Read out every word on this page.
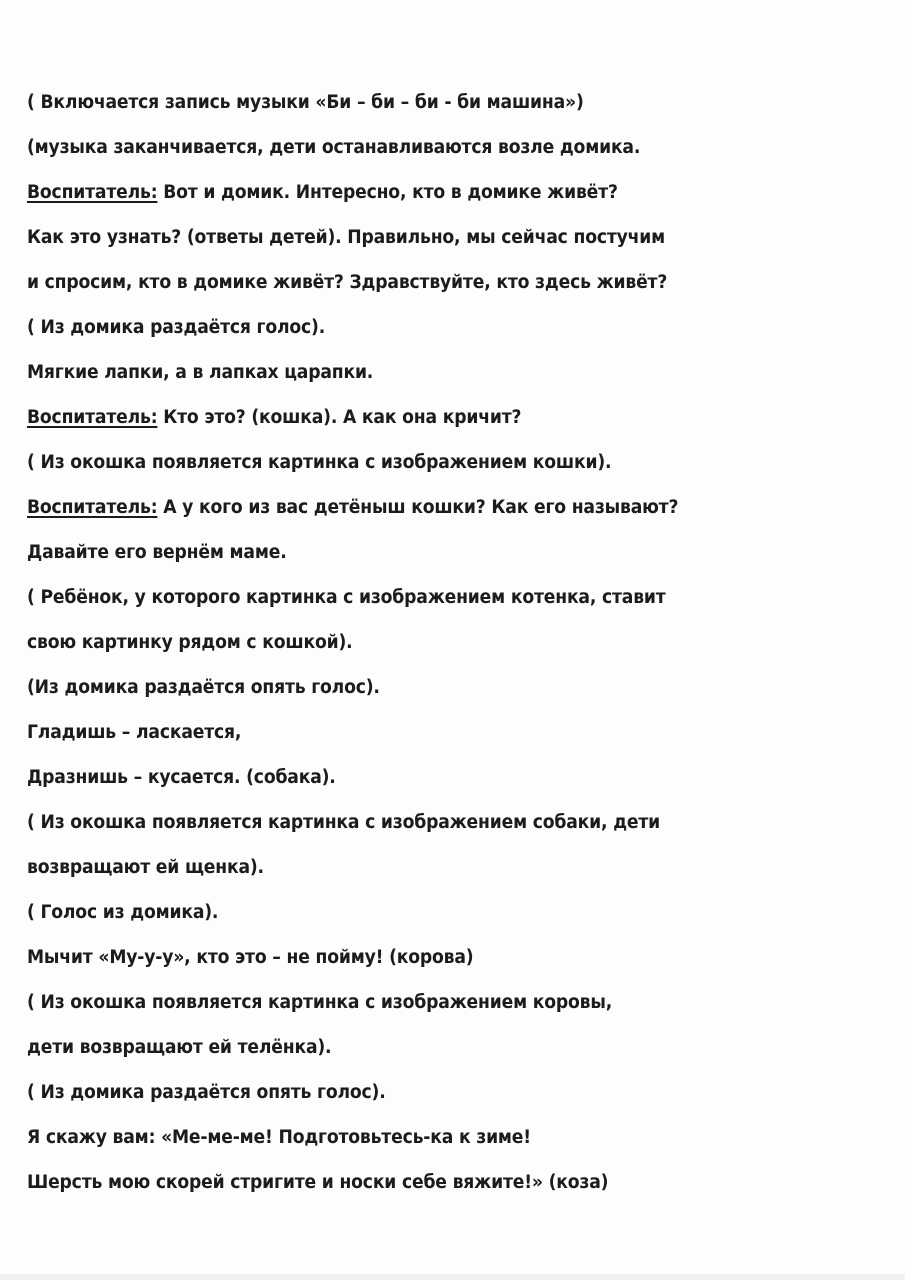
( Включается запись музыки «Би – би – би - би машина»)
(музыка заканчивается, дети останавливаются возле домика.
Воспитатель: Вот и домик. Интересно, кто в домике живёт?
Как это узнать? (ответы детей). Правильно, мы сейчас постучим
и спросим, кто в домике живёт? Здравствуйте, кто здесь живёт?
( Из домика раздаётся голос).
Мягкие лапки, а в лапках царапки.
Воспитатель: Кто это? (кошка). А как она кричит?
( Из окошка появляется картинка с изображением кошки).
Воспитатель: А у кого из вас детёныш кошки? Как его называют?
Давайте его вернём маме.
( Ребёнок, у которого картинка с изображением котенка, ставит
свою картинку рядом с кошкой).
(Из домика раздаётся опять голос).
Гладишь – ласкается,
Дразнишь – кусается. (собака).
( Из окошка появляется картинка с изображением собаки, дети
возвращают ей щенка).
( Голос из домика).
Мычит «Му-у-у», кто это – не пойму! (корова)
( Из окошка появляется картинка с изображением коровы,
дети возвращают ей телёнка).
( Из домика раздаётся опять голос).
Я скажу вам: «Ме-ме-ме! Подготовьтесь-ка к зиме!
Шерсть мою скорей стригите и носки себе вяжите!» (коза)
